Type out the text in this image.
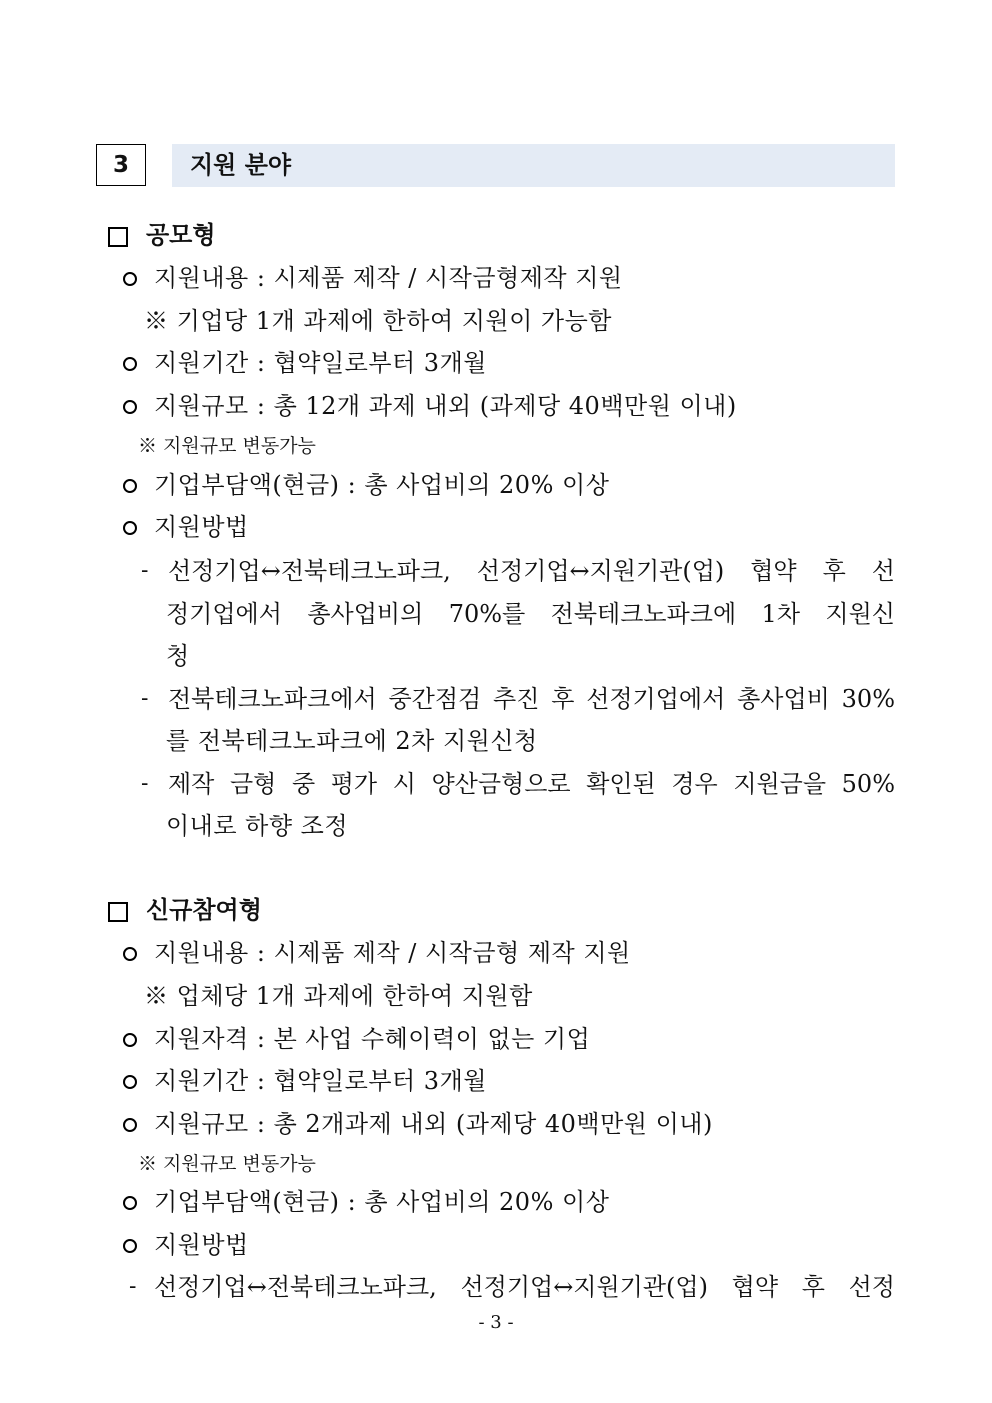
3	지원 분야
공모형
지원내용 : 시제품 제작 / 시작금형제작 지원
※ 기업당 1개 과제에 한하여 지원이 가능함
지원기간 : 협약일로부터 3개월
지원규모 : 총 12개 과제 내외 (과제당 40백만원 이내)
※ 지원규모 변동가능
기업부담액(현금) : 총 사업비의 20% 이상
지원방법
- 선정기업↔전북테크노파크, 선정기업↔지원기관(업) 협약 후 선
정기업에서 총사업비의 70%를 전북테크노파크에 1차 지원신
청
- 전북테크노파크에서 중간점검 추진 후 선정기업에서 총사업비 30%
를 전북테크노파크에 2차 지원신청
- 제작 금형 중 평가 시 양산금형으로 확인된 경우 지원금을 50%
이내로 하향 조정
신규참여형
지원내용 : 시제품 제작 / 시작금형 제작 지원
※ 업체당 1개 과제에 한하여 지원함
지원자격 : 본 사업 수혜이력이 없는 기업
지원기간 : 협약일로부터 3개월
지원규모 : 총 2개과제 내외 (과제당 40백만원 이내)
※ 지원규모 변동가능
기업부담액(현금) : 총 사업비의 20% 이상
지원방법
- 선정기업↔전북테크노파크, 선정기업↔지원기관(업) 협약 후 선정
- 3 -
